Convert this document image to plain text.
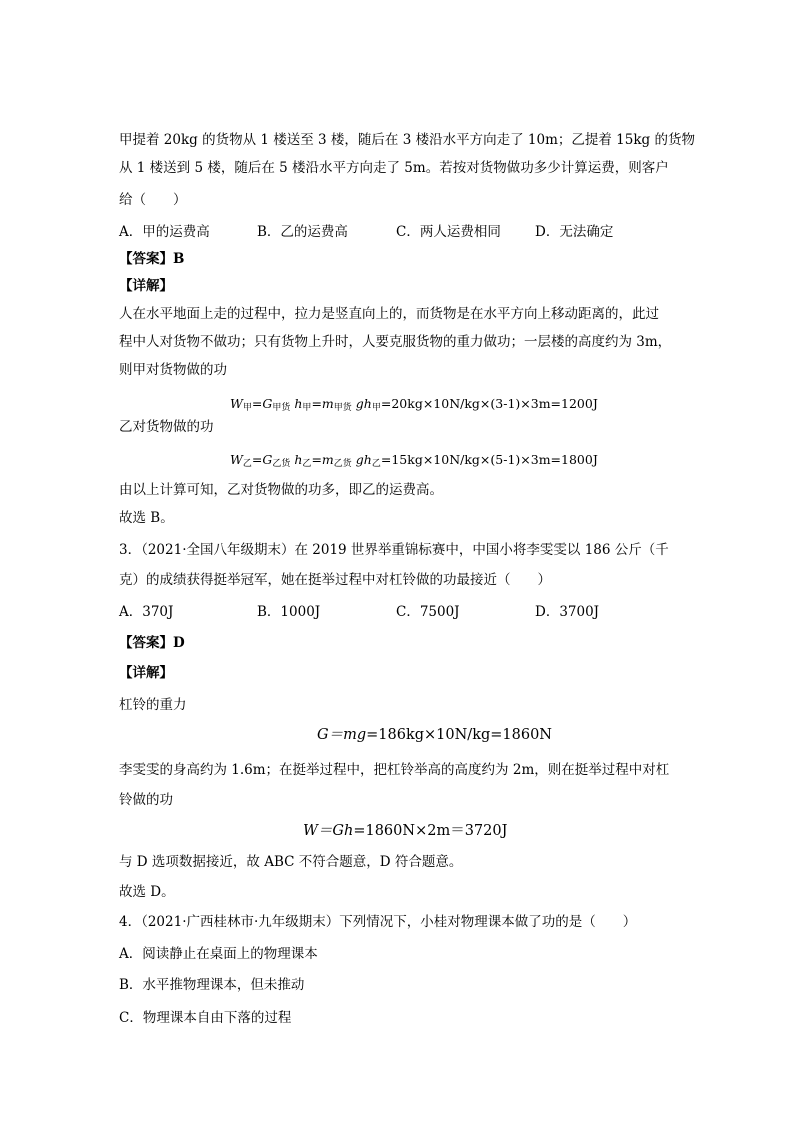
甲提着 20kg 的货物从 1 楼送至 3 楼，随后在 3 楼沿水平方向走了 10m；乙提着 15kg 的货物
从 1 楼送到 5 楼，随后在 5 楼沿水平方向走了 5m。若按对货物做功多少计算运费，则客户
给（　　）
A．甲的运费高	B．乙的运费高	C．两人运费相同	D．无法确定
【答案】B
【详解】
人在水平地面上走的过程中，拉力是竖直向上的，而货物是在水平方向上移动距离的，此过
程中人对货物不做功；只有货物上升时，人要克服货物的重力做功；一层楼的高度约为 3m，
则甲对货物做的功
$W_甲=G_{甲货}$ $h_甲=m_{甲货}$ $gh_甲=20kg\times 10N/kg\times(3-1)\times 3m=1200J$
乙对货物做的功
$W_乙=G_{乙货}$ $h_乙=m_{乙货}$ $gh_乙=15kg\times 10N/kg\times(5-1)\times 3m=1800J$
由以上计算可知，乙对货物做的功多，即乙的运费高。
故选 B。
3．（2021·全国八年级期末）在 2019 世界举重锦标赛中，中国小将李雯雯以 186 公斤（千
克）的成绩获得挺举冠军，她在挺举过程中对杠铃做的功最接近（　　）
A．370J	B．1000J	C．7500J	D．3700J
【答案】D
【详解】
杠铃的重力
G＝mg=186kg×10N/kg=1860N
李雯雯的身高约为 1.6m；在挺举过程中，把杠铃举高的高度约为 2m，则在挺举过程中对杠
铃做的功
W＝Gh=1860N×2m＝3720J
与 D 选项数据接近，故 ABC 不符合题意，D 符合题意。
故选 D。
4．（2021·广西桂林市·九年级期末）下列情况下，小桂对物理课本做了功的是（　　）
A．阅读静止在桌面上的物理课本
B．水平推物理课本，但未推动
C．物理课本自由下落的过程
